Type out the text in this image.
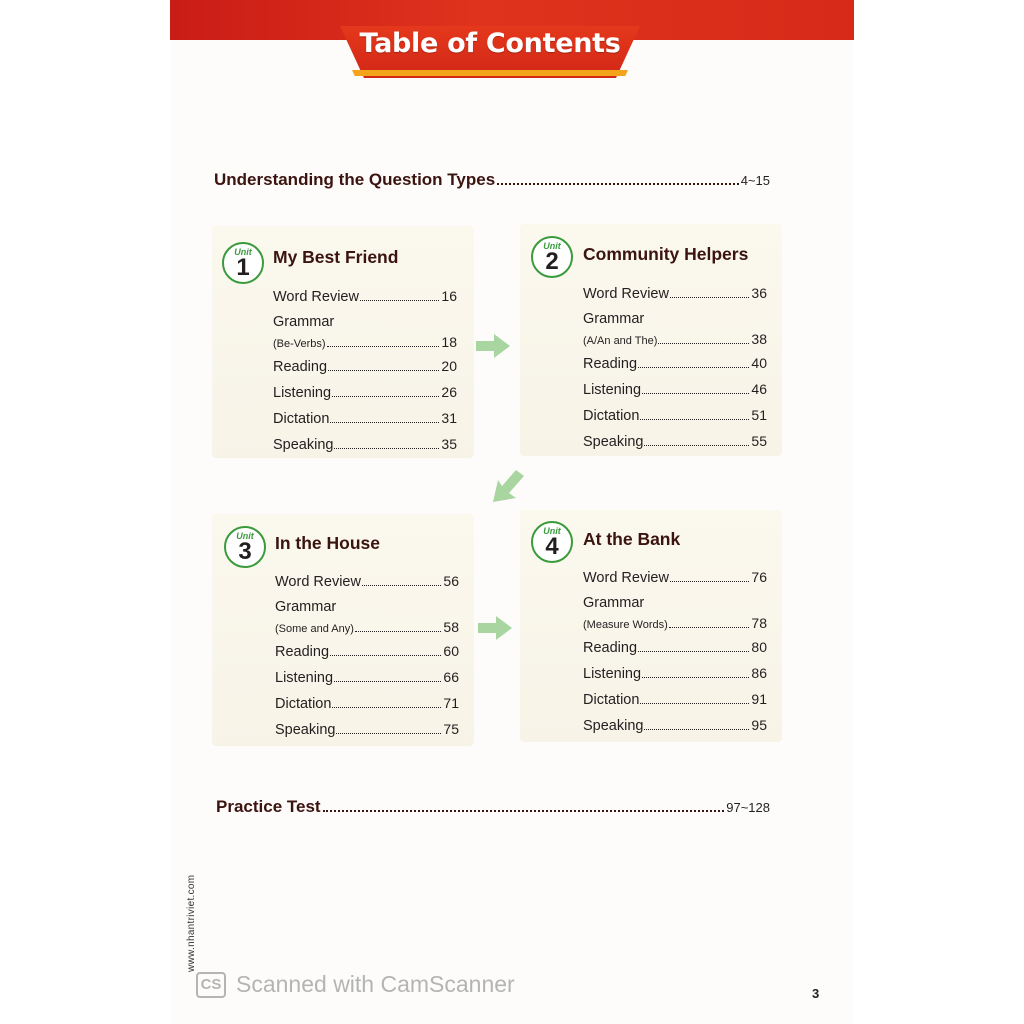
Table of Contents
Understanding the Question Types	4~15
Unit
1	My Best Friend
Word Review	16
Grammar
(Be-Verbs)	18
Reading	20
Listening	26
Dictation	31
Speaking	35
Unit
2	Community Helpers
Word Review	36
Grammar
(A/An and The)	38
Reading	40
Listening	46
Dictation	51
Speaking	55
Unit
3	In the House
Word Review	56
Grammar
(Some and Any)	58
Reading	60
Listening	66
Dictation	71
Speaking	75
Unit
4	At the Bank
Word Review	76
Grammar
(Measure Words)	78
Reading	80
Listening	86
Dictation	91
Speaking	95
Practice Test	97~128
www.nhantriviet.com
CS Scanned with CamScanner	3
